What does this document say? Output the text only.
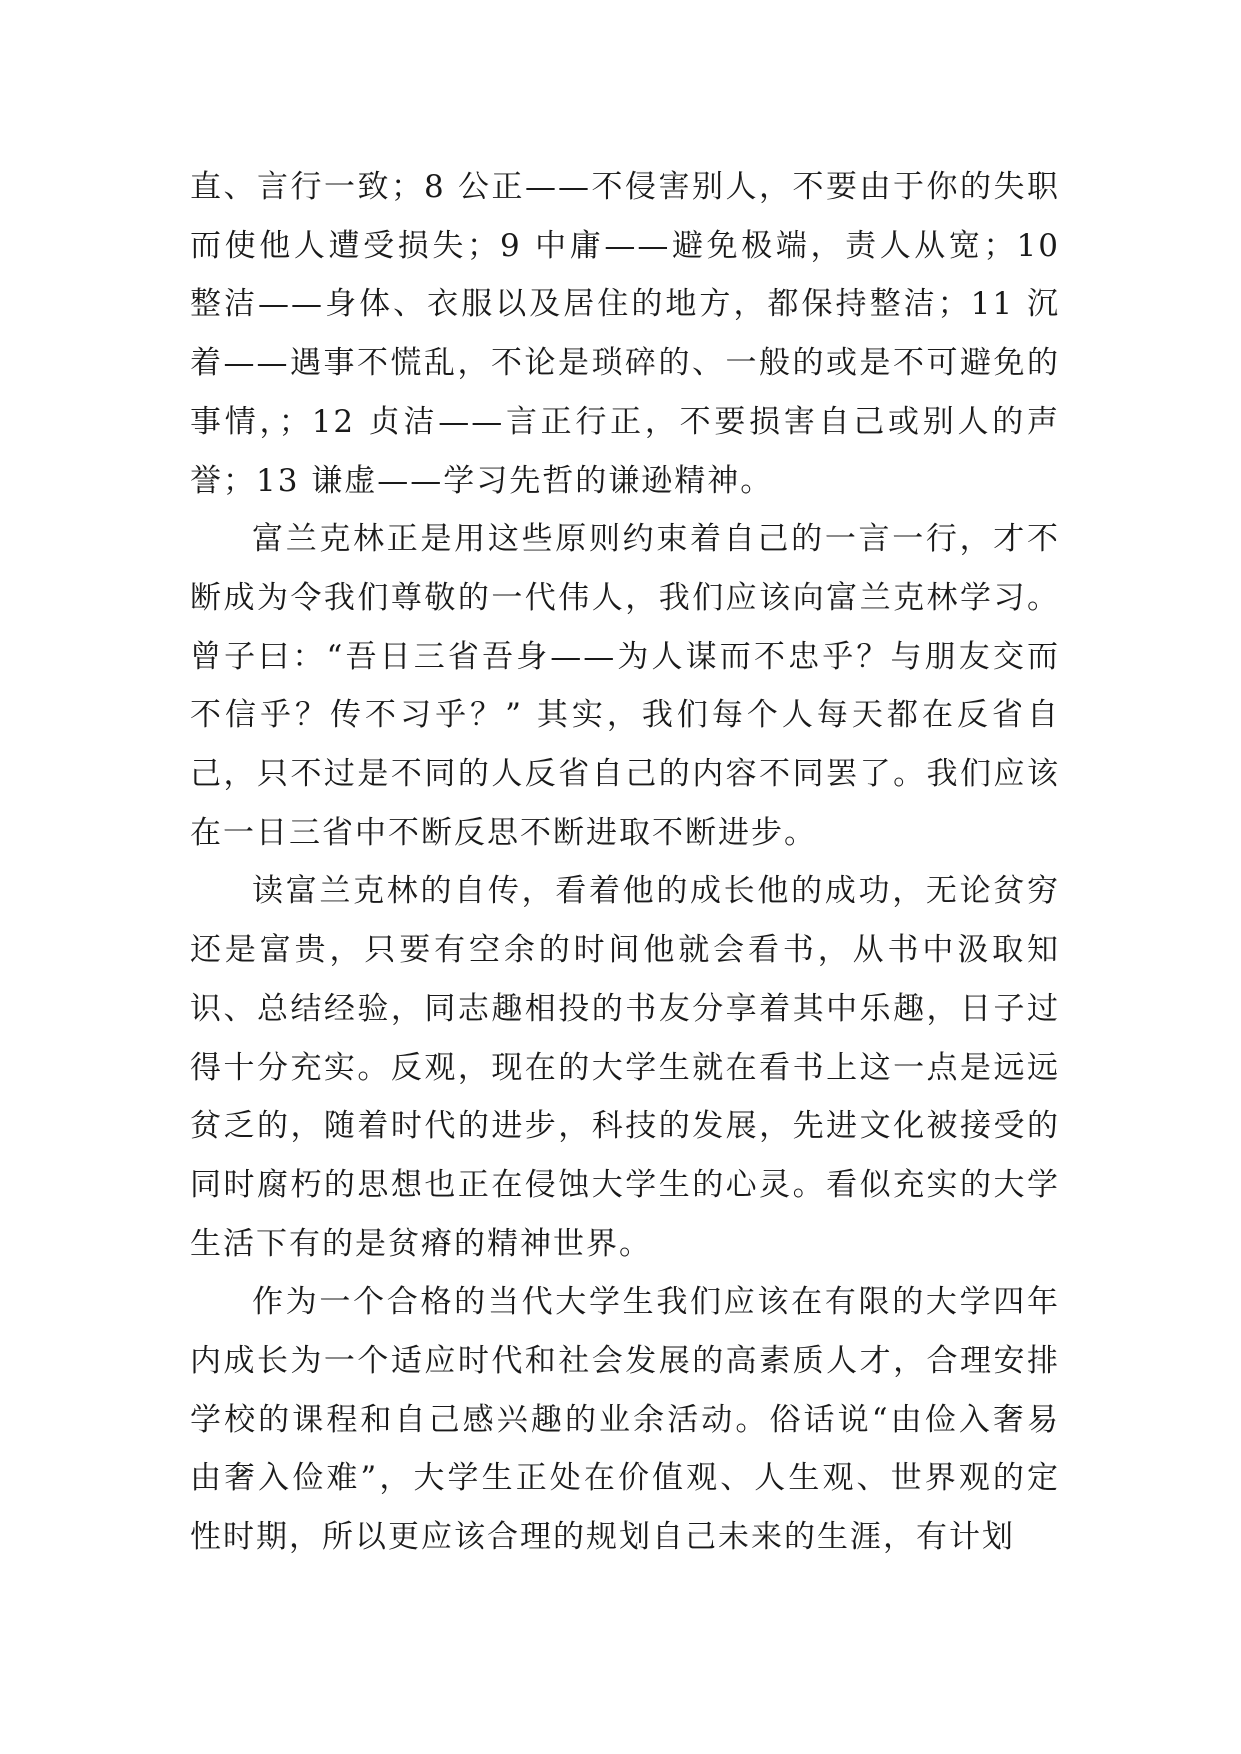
直、言行一致；8 公正——不侵害别人，不要由于你的失职而使他人遭受损失；9 中庸——避免极端，责人从宽；10 整洁——身体、衣服以及居住的地方，都保持整洁；11 沉着——遇事不慌乱，不论是琐碎的、一般的或是不可避免的事情，；12 贞洁——言正行正，不要损害自己或别人的声誉；13 谦虚——学习先哲的谦逊精神。

富兰克林正是用这些原则约束着自己的一言一行，才不断成为令我们尊敬的一代伟人，我们应该向富兰克林学习。曾子曰：“吾日三省吾身——为人谋而不忠乎？与朋友交而不信乎？传不习乎？” 其实，我们每个人每天都在反省自己，只不过是不同的人反省自己的内容不同罢了。我们应该在一日三省中不断反思不断进取不断进步。

读富兰克林的自传，看着他的成长他的成功，无论贫穷还是富贵，只要有空余的时间他就会看书，从书中汲取知识、总结经验，同志趣相投的书友分享着其中乐趣，日子过得十分充实。反观，现在的大学生就在看书上这一点是远远贫乏的，随着时代的进步，科技的发展，先进文化被接受的同时腐朽的思想也正在侵蚀大学生的心灵。看似充实的大学生活下有的是贫瘠的精神世界。

作为一个合格的当代大学生我们应该在有限的大学四年内成长为一个适应时代和社会发展的高素质人才，合理安排学校的课程和自己感兴趣的业余活动。俗话说“由俭入奢易由奢入俭难”，大学生正处在价值观、人生观、世界观的定性时期，所以更应该合理的规划自己未来的生涯，有计划
